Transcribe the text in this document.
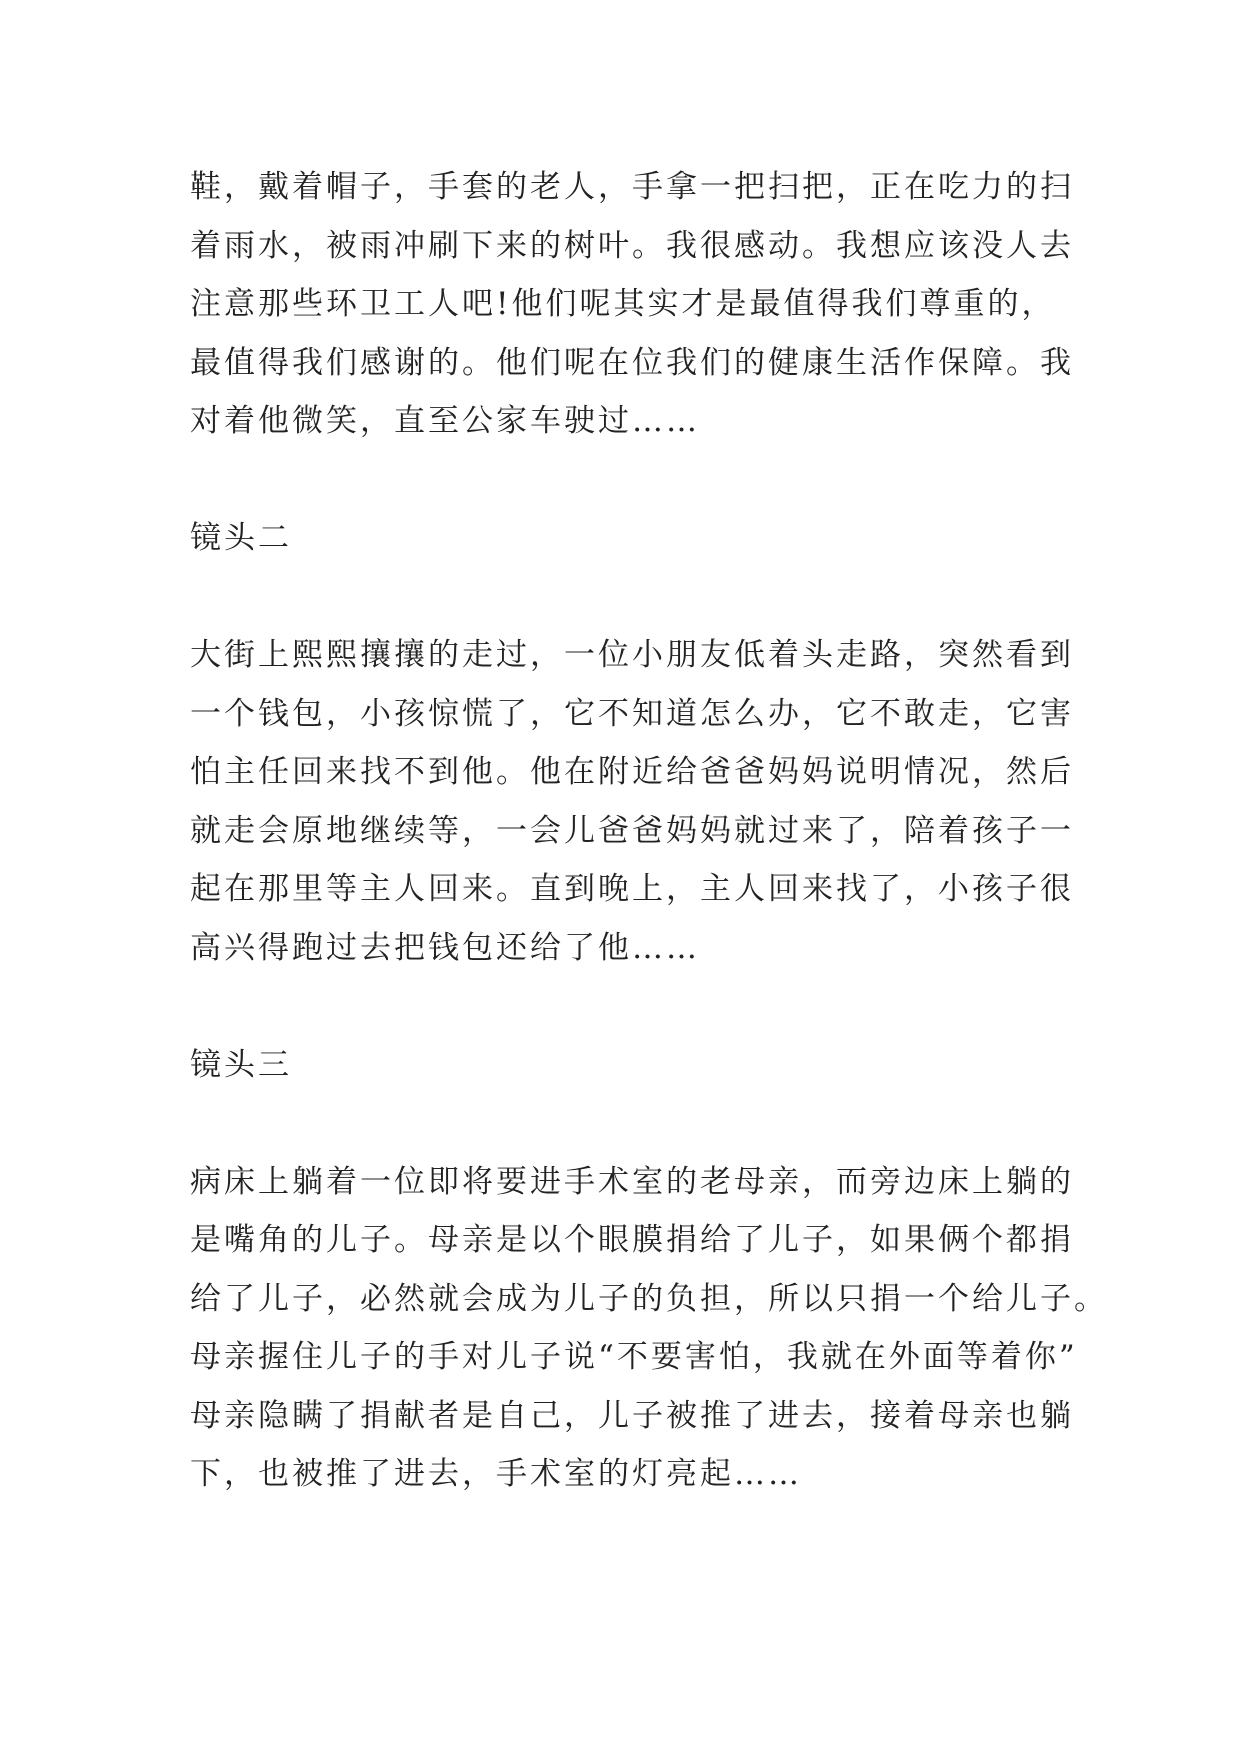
鞋，戴着帽子，手套的老人，手拿一把扫把，正在吃力的扫
着雨水，被雨冲刷下来的树叶。我很感动。我想应该没人去
注意那些环卫工人吧!他们呢其实才是最值得我们尊重的，
最值得我们感谢的。他们呢在位我们的健康生活作保障。我
对着他微笑，直至公家车驶过……
镜头二
大街上熙熙攘攘的走过，一位小朋友低着头走路，突然看到
一个钱包，小孩惊慌了，它不知道怎么办，它不敢走，它害
怕主任回来找不到他。他在附近给爸爸妈妈说明情况，然后
就走会原地继续等，一会儿爸爸妈妈就过来了，陪着孩子一
起在那里等主人回来。直到晚上，主人回来找了，小孩子很
高兴得跑过去把钱包还给了他……
镜头三
病床上躺着一位即将要进手术室的老母亲，而旁边床上躺的
是嘴角的儿子。母亲是以个眼膜捐给了儿子，如果俩个都捐
给了儿子，必然就会成为儿子的负担，所以只捐一个给儿子。
母亲握住儿子的手对儿子说“不要害怕，我就在外面等着你”
母亲隐瞒了捐献者是自己，儿子被推了进去，接着母亲也躺
下，也被推了进去，手术室的灯亮起……
